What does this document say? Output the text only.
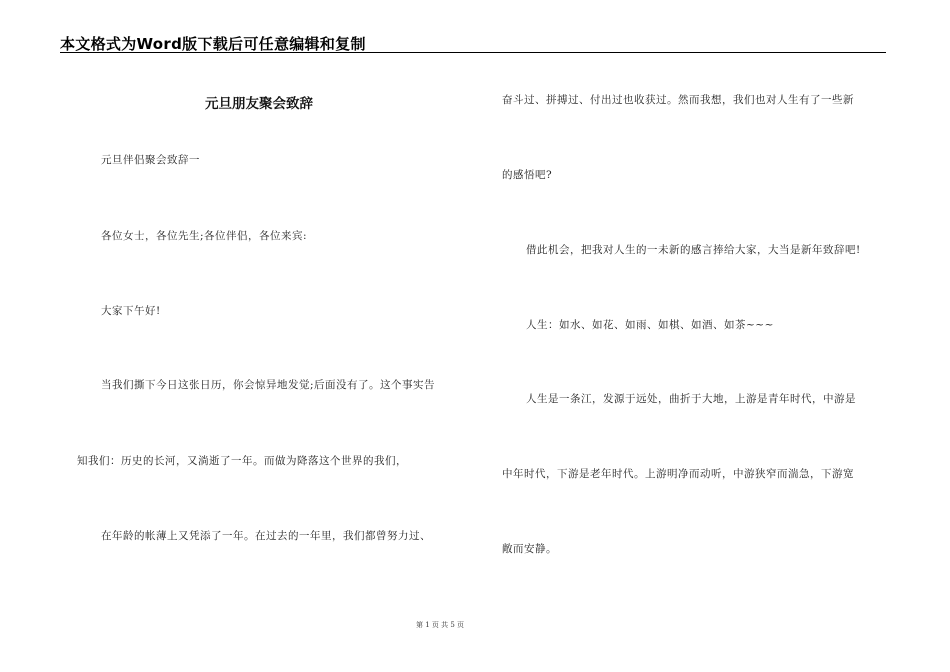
本文格式为Word版下载后可任意编辑和复制
元旦朋友聚会致辞
元旦伴侣聚会致辞一
各位女士，各位先生;各位伴侣，各位来宾:
大家下午好!
当我们撕下今日这张日历，你会惊异地发觉;后面没有了。这个事实告
知我们：历史的长河，又淌逝了一年。而做为降落这个世界的我们，
在年龄的帐薄上又凭添了一年。在过去的一年里，我们都曾努力过、
奋斗过、拼搏过、付出过也收获过。然而我想，我们也对人生有了一些新
的感悟吧?
借此机会，把我对人生的一未新的感言捧给大家，大当是新年致辞吧!
人生：如水、如花、如雨、如棋、如酒、如茶~~~
人生是一条江，发源于远处，曲折于大地，上游是青年时代，中游是
中年时代，下游是老年时代。上游明净而动听，中游狭窄而湍急，下游宽
敞而安静。
第 1 页 共 5 页
